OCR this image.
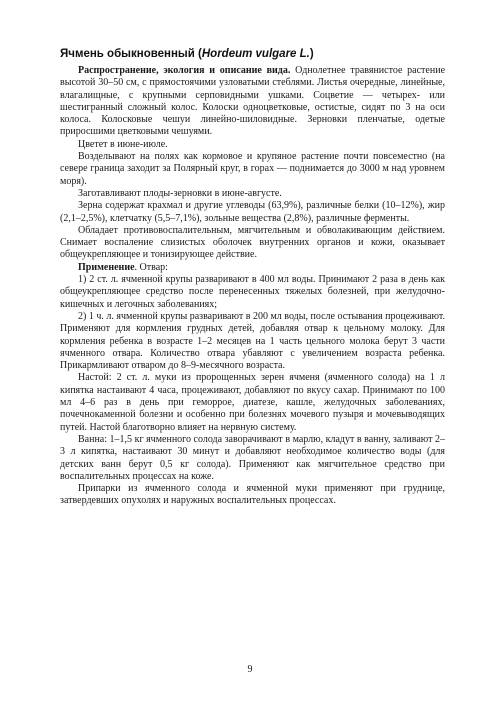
Ячмень обыкновенный (Hordeum vulgare L.)

Распространение, экология и описание вида. Однолетнее травянистое растение высотой 30–50 см, с прямостоячими узловатыми стеблями. Листья очередные, линейные, влагалищные, с крупными серповидными ушками. Соцветие — четырех- или шестигранный сложный колос. Колоски одноцветковые, остистые, сидят по 3 на оси колоса. Колосковые чешуи линейно-шиловидные. Зерновки пленчатые, одетые приросшими цветковыми чешуями.

Цветет в июне-июле.

Возделывают на полях как кормовое и крупяное растение почти повсеместно (на севере граница заходит за Полярный круг, в горах — поднимается до 3000 м над уровнем моря).

Заготавливают плоды-зерновки в июне-августе.

Зерна содержат крахмал и другие углеводы (63,9%), различные белки (10–12%), жир (2,1–2,5%), клетчатку (5,5–7,1%), зольные вещества (2,8%), различные ферменты.

Обладает противовоспалительным, мягчительным и обволакивающим действием. Снимает воспаление слизистых оболочек внутренних органов и кожи, оказывает общеукрепляющее и тонизирующее действие.

Применение. Отвар:

1) 2 ст. л. ячменной крупы разваривают в 400 мл воды. Принимают 2 раза в день как общеукрепляющее средство после перенесенных тяжелых болезней, при желудочно-кишечных и легочных заболеваниях;

2) 1 ч. л. ячменной крупы разваривают в 200 мл воды, после остывания процеживают. Применяют для кормления грудных детей, добавляя отвар к цельному молоку. Для кормления ребенка в возрасте 1–2 месяцев на 1 часть цельного молока берут 3 части ячменного отвара. Количество отвара убавляют с увеличением возраста ребенка. Прикармливают отваром до 8–9-месячного возраста.

Настой: 2 ст. л. муки из пророщенных зерен ячменя (ячменного солода) на 1 л кипятка настаивают 4 часа, процеживают, добавляют по вкусу сахар. Принимают по 100 мл 4–6 раз в день при геморрое, диатезе, кашле, желудочных заболеваниях, почечнокаменной болезни и особенно при болезнях мочевого пузыря и мочевыводящих путей. Настой благотворно влияет на нервную систему.

Ванна: 1–1,5 кг ячменного солода заворачивают в марлю, кладут в ванну, заливают 2–3 л кипятка, настаивают 30 минут и добавляют необходимое количество воды (для детских ванн берут 0,5 кг солода). Применяют как мягчительное средство при воспалительных процессах на коже.

Припарки из ячменного солода и ячменной муки применяют при груднице, затвердевших опухолях и наружных воспалительных процессах.

9
